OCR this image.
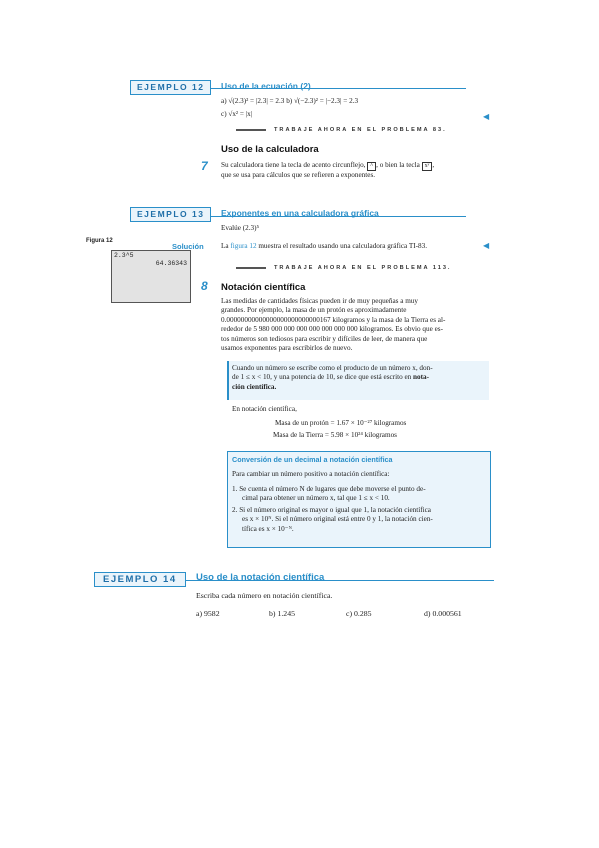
EJEMPLO 12	Uso de la ecuación (2)
a) √(2.3)² = |2.3| = 2.3 b) √(−2.3)² = |−2.3| = 2.3
c) √x² = |x|
TRABAJE AHORA EN EL PROBLEMA 83.
◀
Uso de la calculadora
7 Su calculadora tiene la tecla de acento circunflejo, ^ , o bien la tecla xʸ ,
que se usa para cálculos que se refieren a exponentes.
EJEMPLO 13	Exponentes en una calculadora gráfica
Evalúe (2.3)⁵
Figura 12
2.3^5
64.36343
Solución La figura 12 muestra el resultado usando una calculadora gráfica TI-83.	◀
TRABAJE AHORA EN EL PROBLEMA 113.
8 Notación científica
Las medidas de cantidades físicas pueden ir de muy pequeñas a muy
grandes. Por ejemplo, la masa de un protón es aproximadamente
0.00000000000000000000000000167 kilogramos y la masa de la Tierra es al-
rededor de 5 980 000 000 000 000 000 000 000 kilogramos. Es obvio que es-
tos números son tediosos para escribir y difíciles de leer, de manera que
usamos exponentes para escribirlos de nuevo.
Cuando un número se escribe como el producto de un número x, don-
de 1 ≤ x < 10, y una potencia de 10, se dice que está escrito en nota-
ción científica.
En notación científica,
Masa de un protón = 1.67 × 10⁻²⁷ kilogramos
Masa de la Tierra = 5.98 × 10²⁴ kilogramos
Conversión de un decimal a notación científica
Para cambiar un número positivo a notación científica:
1. Se cuenta el número N de lugares que debe moverse el punto de-
cimal para obtener un número x, tal que 1 ≤ x < 10.
2. Si el número original es mayor o igual que 1, la notación científica
es x × 10ᴺ. Si el número original está entre 0 y 1, la notación cien-
tífica es x × 10⁻ᴺ.
EJEMPLO 14	Uso de la notación científica
Escriba cada número en notación científica.
a) 9582	b) 1.245	c) 0.285	d) 0.000561
